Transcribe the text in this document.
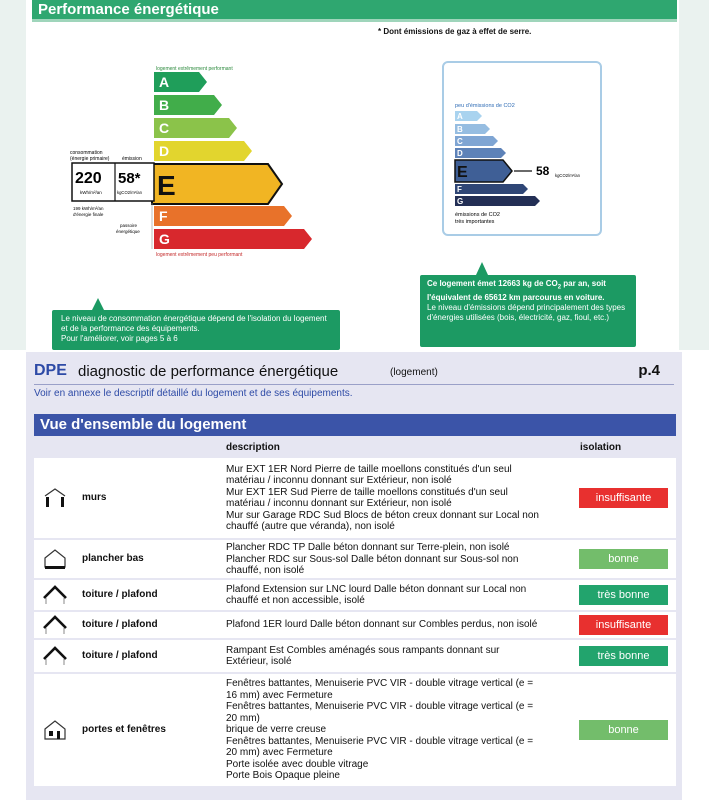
Performance énergétique
* Dont émissions de gaz à effet de serre.
logement extrêmement performant
A
B
C
D
E
F
G
logement extrêmement peu performant
consommation
(énergie primaire)	émission
220
kWh/m²/an
58*
kgCO2/m²/an
199 kWh/m²/an
d'énergie finale
passoire
énergétique
peu d'émissions de CO2
A
B
C
D
E
F
G
58 kgCO2/m²/an
émissions de CO2
très importantes
Le niveau de consommation énergétique dépend de l'isolation du logement et de la performance des équipements.
Pour l'améliorer, voir pages 5 à 6
Ce logement émet 12663 kg de $CO_2$ par an, soit l'équivalent de 65612 km parcourus en voiture.
Le niveau d'émissions dépend principalement des types d'énergies utilisées (bois, électricité, gaz, fioul, etc.)
DPE diagnostic de performance énergétique	(logement)	p.4
Voir en annexe le descriptif détaillé du logement et de ses équipements.
Vue d'ensemble du logement
description	isolation
murs
Mur EXT 1ER Nord Pierre de taille moellons constitués d'un seul
matériau / inconnu donnant sur Extérieur, non isolé
Mur EXT 1ER Sud Pierre de taille moellons constitués d'un seul
matériau / inconnu donnant sur Extérieur, non isolé
Mur sur Garage RDC Sud Blocs de béton creux donnant sur Local non
chauffé (autre que véranda), non isolé
insuffisante
plancher bas
Plancher RDC TP Dalle béton donnant sur Terre-plein, non isolé
Plancher RDC sur Sous-sol Dalle béton donnant sur Sous-sol non
chauffé, non isolé
bonne
toiture / plafond	Plafond Extension sur LNC lourd Dalle béton donnant sur Local non
chauffé et non accessible, isolé	très bonne
toiture / plafond	Plafond 1ER lourd Dalle béton donnant sur Combles perdus, non isolé	insuffisante
toiture / plafond	Rampant Est Combles aménagés sous rampants donnant sur
Extérieur, isolé	très bonne
portes et fenêtres
Fenêtres battantes, Menuiserie PVC VIR - double vitrage vertical (e =
16 mm) avec Fermeture
Fenêtres battantes, Menuiserie PVC VIR - double vitrage vertical (e =
20 mm)
brique de verre creuse
Fenêtres battantes, Menuiserie PVC VIR - double vitrage vertical (e =
20 mm) avec Fermeture
Porte isolée avec double vitrage
Porte Bois Opaque pleine
bonne
